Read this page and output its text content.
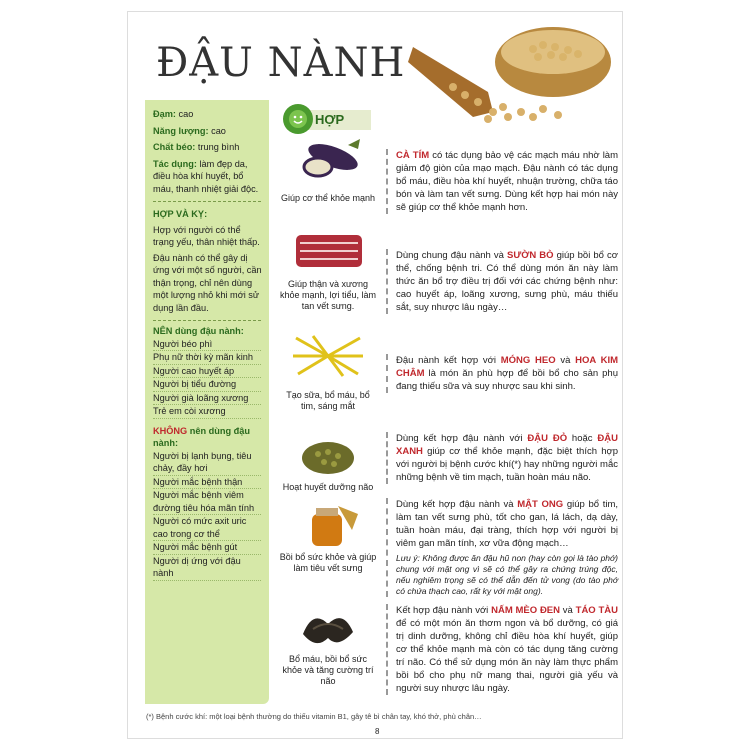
ĐẬU NÀNH

Đạm: cao

Năng lượng: cao

Chất béo: trung bình

Tác dụng: làm đẹp da, điều hòa khí huyết, bổ máu, thanh nhiệt giải độc.

HỢP VÀ KỴ:

Hợp với người có thể trạng yếu, thân nhiệt thấp.

Đậu nành có thể gây dị ứng với một số người, cần thận trọng, chỉ nên dùng một lượng nhỏ khi mới sử dụng lần đầu.

NÊN dùng đậu nành:

Người béo phì
Phụ nữ thời kỳ mãn kinh
Người cao huyết áp
Người bị tiểu đường
Người già loãng xương
Trẻ em còi xương

KHÔNG nên dùng đậu nành:

Người bị lạnh bụng, tiêu chảy, đầy hơi
Người mắc bệnh thận
Người mắc bệnh viêm đường tiêu hóa mãn tính
Người có mức axit uric cao trong cơ thể
Người mắc bệnh gút
Người dị ứng với đậu nành
HỢP
Giúp cơ thể khỏe mạnh
CÀ TÍM có tác dụng bảo vệ các mạch máu nhờ làm giảm độ giòn của mạo mạch. Đậu nành có tác dụng bổ máu, điều hòa khí huyết, nhuận trường, chữa táo bón và làm tan vết sưng. Dùng kết hợp hai món này sẽ giúp cơ thể khỏe mạnh hơn.
Giúp thận và xương khỏe mạnh, lợi tiểu, làm tan vết sưng.
Dùng chung đậu nành và SƯỜN BÒ giúp bồi bổ cơ thể, chống bệnh tri. Có thể dùng món ăn này làm thức ăn bổ trợ điều trị đối với các chứng bệnh như: cao huyết áp, loãng xương, sưng phù, máu thiếu sắt, suy nhược lâu ngày…
Tạo sữa, bổ máu, bổ tim, sáng mắt
Đậu nành kết hợp với MÓNG HEO và HOA KIM CHÂM là món ăn phù hợp để bồi bổ cho sản phụ đang thiếu sữa và suy nhược sau khi sinh.
Hoạt huyết dưỡng não
Dùng kết hợp đậu nành với ĐẬU ĐỎ hoặc ĐẬU XANH giúp cơ thể khỏe mạnh, đặc biệt thích hợp với người bị bệnh cước khí(*) hay những người mắc những bệnh về tim mạch, tuần hoàn máu não.
Bồi bổ sức khỏe và giúp làm tiêu vết sưng
Dùng kết hợp đậu nành và MẬT ONG giúp bổ tim, làm tan vết sưng phù, tốt cho gan, lá lách, dạ dày, tuần hoàn máu, đại tràng, thích hợp với người bị viêm gan mãn tính, xơ vữa động mạch…
Lưu ý: Không được ăn đậu hũ non (hay còn gọi là tào phớ) chung với mật ong vì sẽ có thể gây ra chứng trúng độc, nếu nghiêm trọng sẽ có thể dẫn đến tử vong (do tào phớ có chứa thạch cao, rất kỵ với mật ong).
Bổ máu, bồi bổ sức khỏe và tăng cường trí não
Kết hợp đậu nành với NẤM MÈO ĐEN và TÁO TÀU để có một món ăn thơm ngon và bổ dưỡng, có giá trị dinh dưỡng, không chỉ điều hòa khí huyết, giúp cơ thể khỏe mạnh mà còn có tác dụng tăng cường trí não. Có thể sử dụng món ăn này làm thực phẩm bồi bổ cho phụ nữ mang thai, người già yếu và người suy nhược lâu ngày.
(*) Bệnh cước khí: một loại bệnh thường do thiếu vitamin B1, gây tê bì chân tay, khó thở, phù chân…
8
